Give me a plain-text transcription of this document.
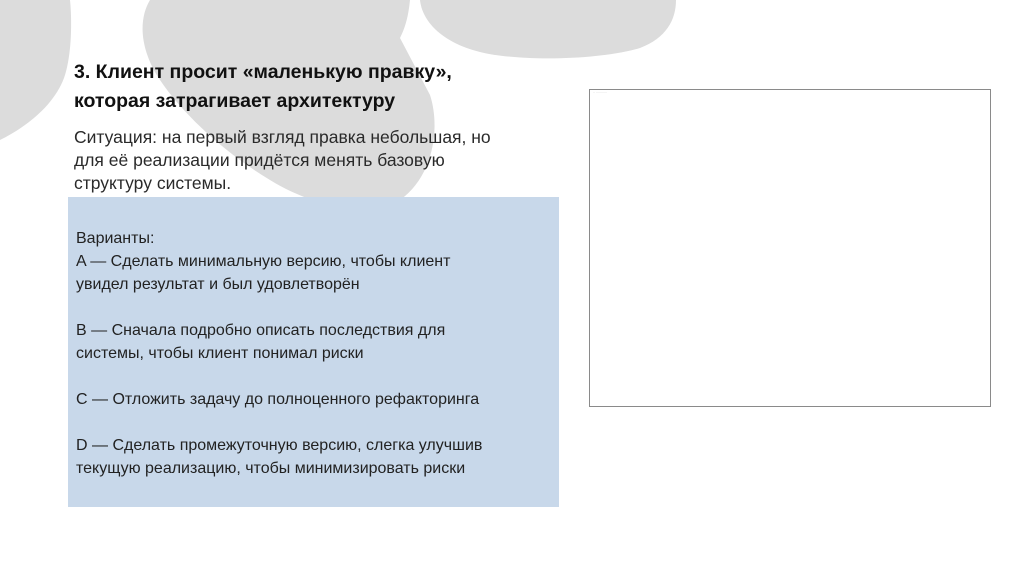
3. Клиент просит «маленькую правку»,
которая затрагивает архитектуру
Ситуация: на первый взгляд правка небольшая, но
для её реализации придётся менять базовую
структуру системы.
Варианты:
A — Сделать минимальную версию, чтобы клиент
увидел результат и был удовлетворён
B — Сначала подробно описать последствия для
системы, чтобы клиент понимал риски
C — Отложить задачу до полноценного рефакторинга
D — Сделать промежуточную версию, слегка улучшив
текущую реализацию, чтобы минимизировать риски
·· ···········
